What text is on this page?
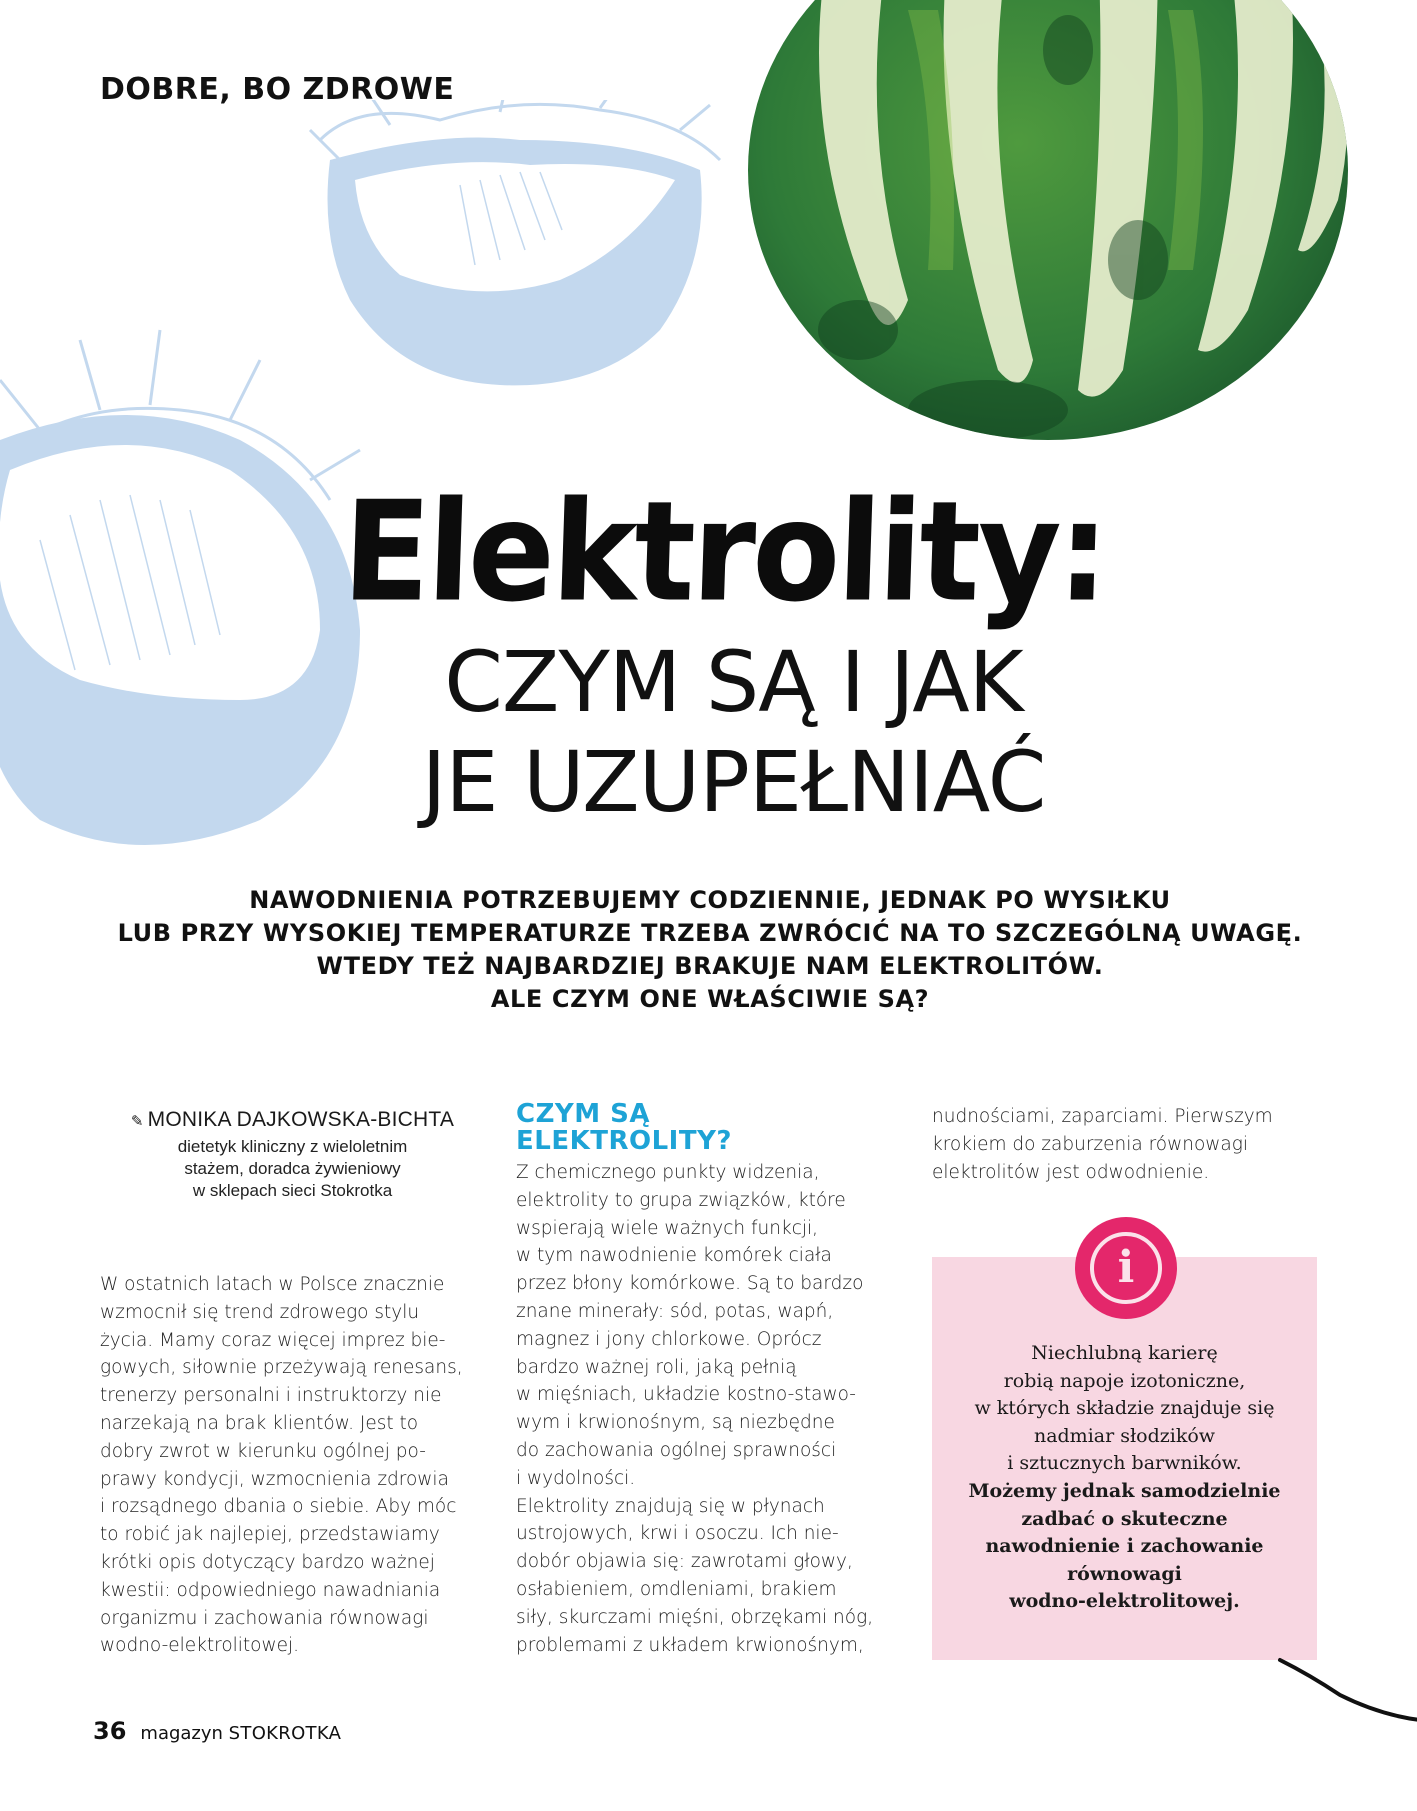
DOBRE, BO ZDROWE
Elektrolity:
CZYM SĄ I JAK
JE UZUPEŁNIAĆ
NAWODNIENIA POTRZEBUJEMY CODZIENNIE, JEDNAK PO WYSIŁKU
LUB PRZY WYSOKIEJ TEMPERATURZE TRZEBA ZWRÓCIĆ NA TO SZCZEGÓLNĄ UWAGĘ.
WTEDY TEŻ NAJBARDZIEJ BRAKUJE NAM ELEKTROLITÓW.
ALE CZYM ONE WŁAŚCIWIE SĄ?
✎ MONIKA DAJKOWSKA-BICHTA
dietetyk kliniczny z wieloletnim
stażem, doradca żywieniowy
w sklepach sieci Stokrotka
W ostatnich latach w Polsce znacznie
wzmocnił się trend zdrowego stylu
życia. Mamy coraz więcej imprez bie-
gowych, siłownie przeżywają renesans,
trenerzy personalni i instruktorzy nie
narzekają na brak klientów. Jest to
dobry zwrot w kierunku ogólnej po-
prawy kondycji, wzmocnienia zdrowia
i rozsądnego dbania o siebie. Aby móc
to robić jak najlepiej, przedstawiamy
krótki opis dotyczący bardzo ważnej
kwestii: odpowiedniego nawadniania
organizmu i zachowania równowagi
wodno-elektrolitowej.
CZYM SĄ
ELEKTROLITY?
Z chemicznego punkty widzenia,
elektrolity to grupa związków, które
wspierają wiele ważnych funkcji,
w tym nawodnienie komórek ciała
przez błony komórkowe. Są to bardzo
znane minerały: sód, potas, wapń,
magnez i jony chlorkowe. Oprócz
bardzo ważnej roli, jaką pełnią
w mięśniach, układzie kostno-stawo-
wym i krwionośnym, są niezbędne
do zachowania ogólnej sprawności
i wydolności.
Elektrolity znajdują się w płynach
ustrojowych, krwi i osoczu. Ich nie-
dobór objawia się: zawrotami głowy,
osłabieniem, omdleniami, brakiem
siły, skurczami mięśni, obrzękami nóg,
problemami z układem krwionośnym,
nudnościami, zaparciami. Pierwszym
krokiem do zaburzenia równowagi
elektrolitów jest odwodnienie.
i
Niechlubną karierę
robią napoje izotoniczne,
w których składzie znajduje się
nadmiar słodzików
i sztucznych barwników.
Możemy jednak samodzielnie
zadbać o skuteczne
nawodnienie i zachowanie
równowagi
wodno-elektrolitowej.
36 magazyn STOKROTKA
